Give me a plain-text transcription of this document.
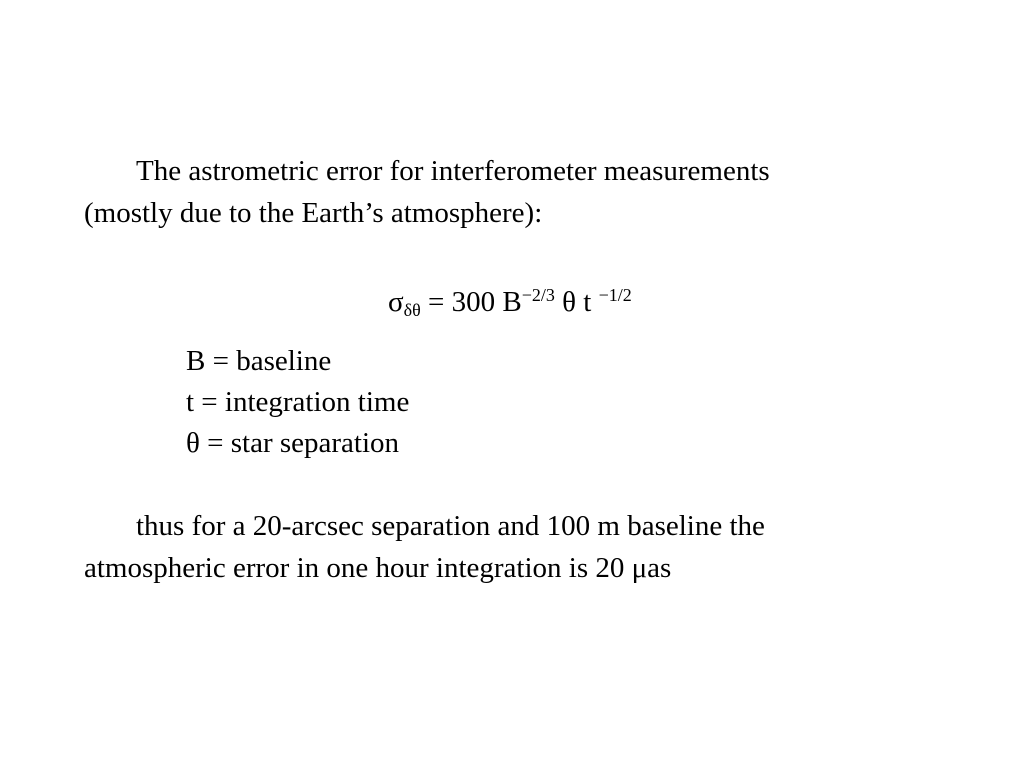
The astrometric error for interferometer measurements
(mostly due to the Earth’s atmosphere):
$\sigma_{\delta\theta} = 300$ $B^{-2/3}$ θ t $^{-1/2}$
B = baseline
t = integration time
θ = star separation
thus for a 20-arcsec separation and 100 m baseline the
atmospheric error in one hour integration is 20 μas
